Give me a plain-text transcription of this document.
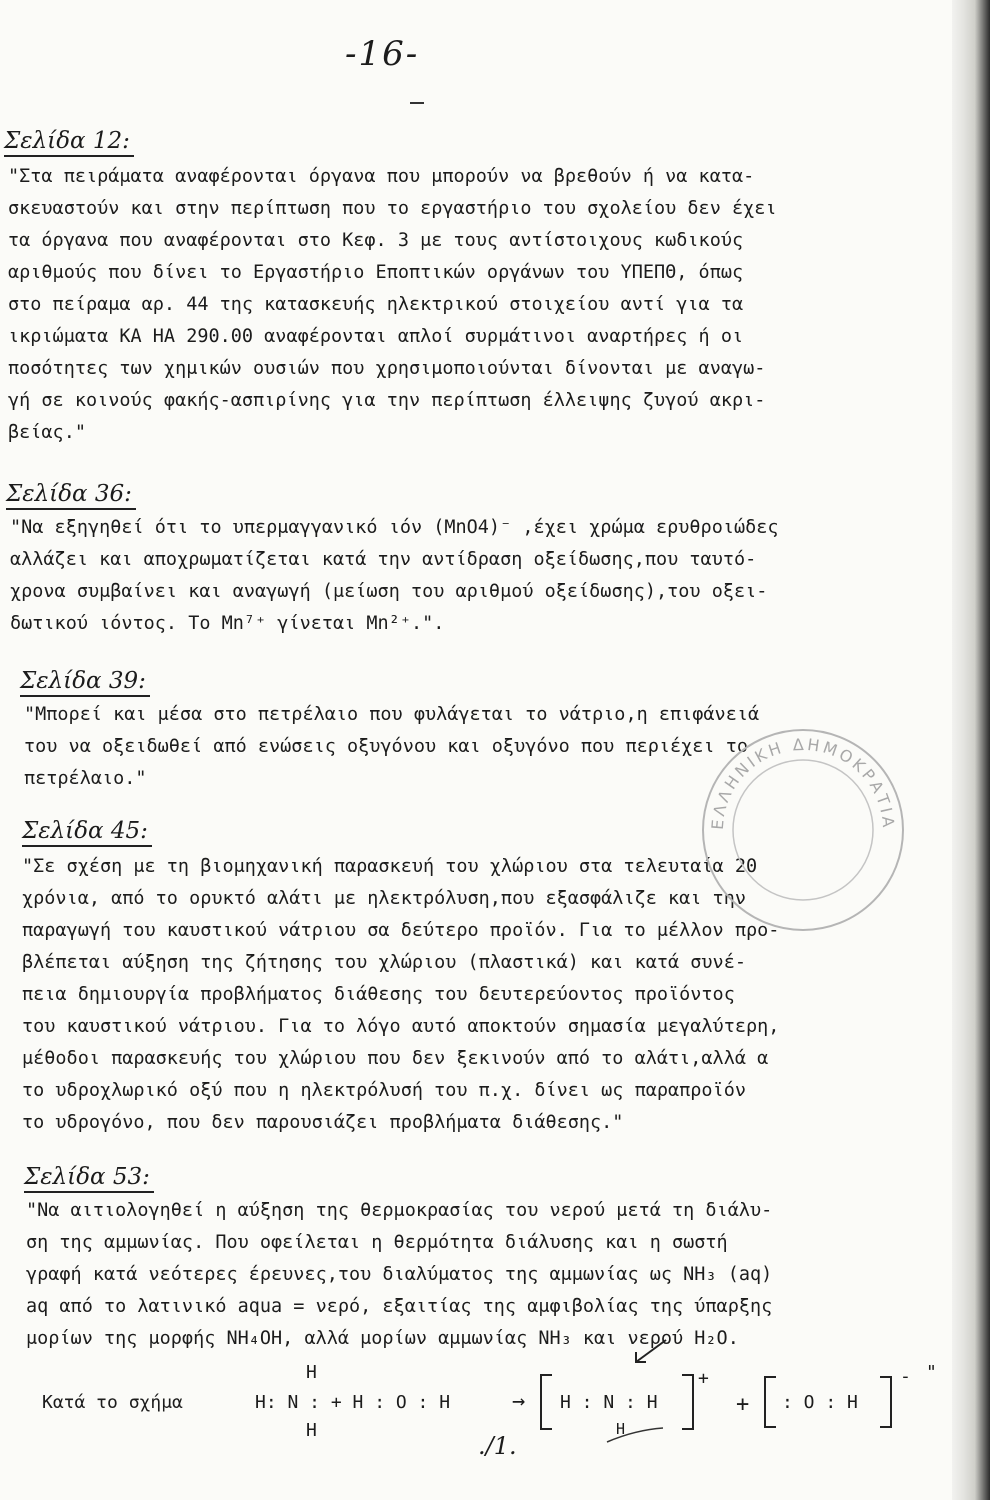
-16-
Σελίδα 12:
"Στα πειράματα αναφέρονται όργανα που μπορούν να βρεθούν ή να κατα-
σκευαστούν και στην περίπτωση που το εργαστήριο του σχολείου δεν έχει
τα όργανα που αναφέρονται στο Κεφ. 3 με τους αντίστοιχους κωδικούς
αριθμούς που δίνει το Εργαστήριο Εποπτικών οργάνων του ΥΠΕΠΘ, όπως
στο πείραμα αρ. 44 της κατασκευής ηλεκτρικού στοιχείου αντί για τα
ικριώματα ΚΑ ΗΑ 290.00 αναφέρονται απλοί συρμάτινοι αναρτήρες ή οι
ποσότητες των χημικών ουσιών που χρησιμοποιούνται δίνονται με αναγω-
γή σε κοινούς φακής-ασπιρίνης για την περίπτωση έλλειψης ζυγού ακρι-
βείας."
Σελίδα 36:
"Να εξηγηθεί ότι το υπερμαγγανικό ιόν (MnO4)⁻ ,έχει χρώμα ερυθροιώδες
αλλάζει και αποχρωματίζεται κατά την αντίδραση οξείδωσης,που ταυτό-
χρονα συμβαίνει και αναγωγή (μείωση του αριθμού οξείδωσης),του οξει-
δωτικού ιόντος. Το Mn⁷⁺ γίνεται Mn²⁺.".
Σελίδα 39:
"Μπορεί και μέσα στο πετρέλαιο που φυλάγεται το νάτριο,η επιφάνειά
του να οξειδωθεί από ενώσεις οξυγόνου και οξυγόνο που περιέχει το
πετρέλαιο."
Σελίδα 45:
"Σε σχέση με τη βιομηχανική παρασκευή του χλώριου στα τελευταία 20
χρόνια, από το ορυκτό αλάτι με ηλεκτρόλυση,που εξασφάλιζε και την
παραγωγή του καυστικού νάτριου σα δεύτερο προϊόν. Για το μέλλον προ-
βλέπεται αύξηση της ζήτησης του χλώριου (πλαστικά) και κατά συνέ-
πεια δημιουργία προβλήματος διάθεσης του δευτερεύοντος προϊόντος
του καυστικού νάτριου. Για το λόγο αυτό αποκτούν σημασία μεγαλύτερη,
μέθοδοι παρασκευής του χλώριου που δεν ξεκινούν από το αλάτι,αλλά α
το υδροχλωρικό οξύ που η ηλεκτρόλυσή του π.χ. δίνει ως παραπροϊόν
το υδρογόνο, που δεν παρουσιάζει προβλήματα διάθεσης."
Σελίδα 53:
"Να αιτιολογηθεί η αύξηση της θερμοκρασίας του νερού μετά τη διάλυ-
ση της αμμωνίας. Που οφείλεται η θερμότητα διάλυσης και η σωστή
γραφή κατά νεότερες έρευνες,του διαλύματος της αμμωνίας ως NH₃ (aq)
aq από το λατινικό aqua = νερό, εξαιτίας της αμφιβολίας της ύπαρξης
μορίων της μορφής NH₄OH, αλλά μορίων αμμωνίας NH₃ και νερού H₂O.
Κατά το σχήμα	H: N : + H : O : H
H
H
→ H : N : H
H
+
+ : O : H
- "
ΕΛΛΗΝΙΚΗ ΔΗΜΟΚΡΑΤΙΑ
./1.
